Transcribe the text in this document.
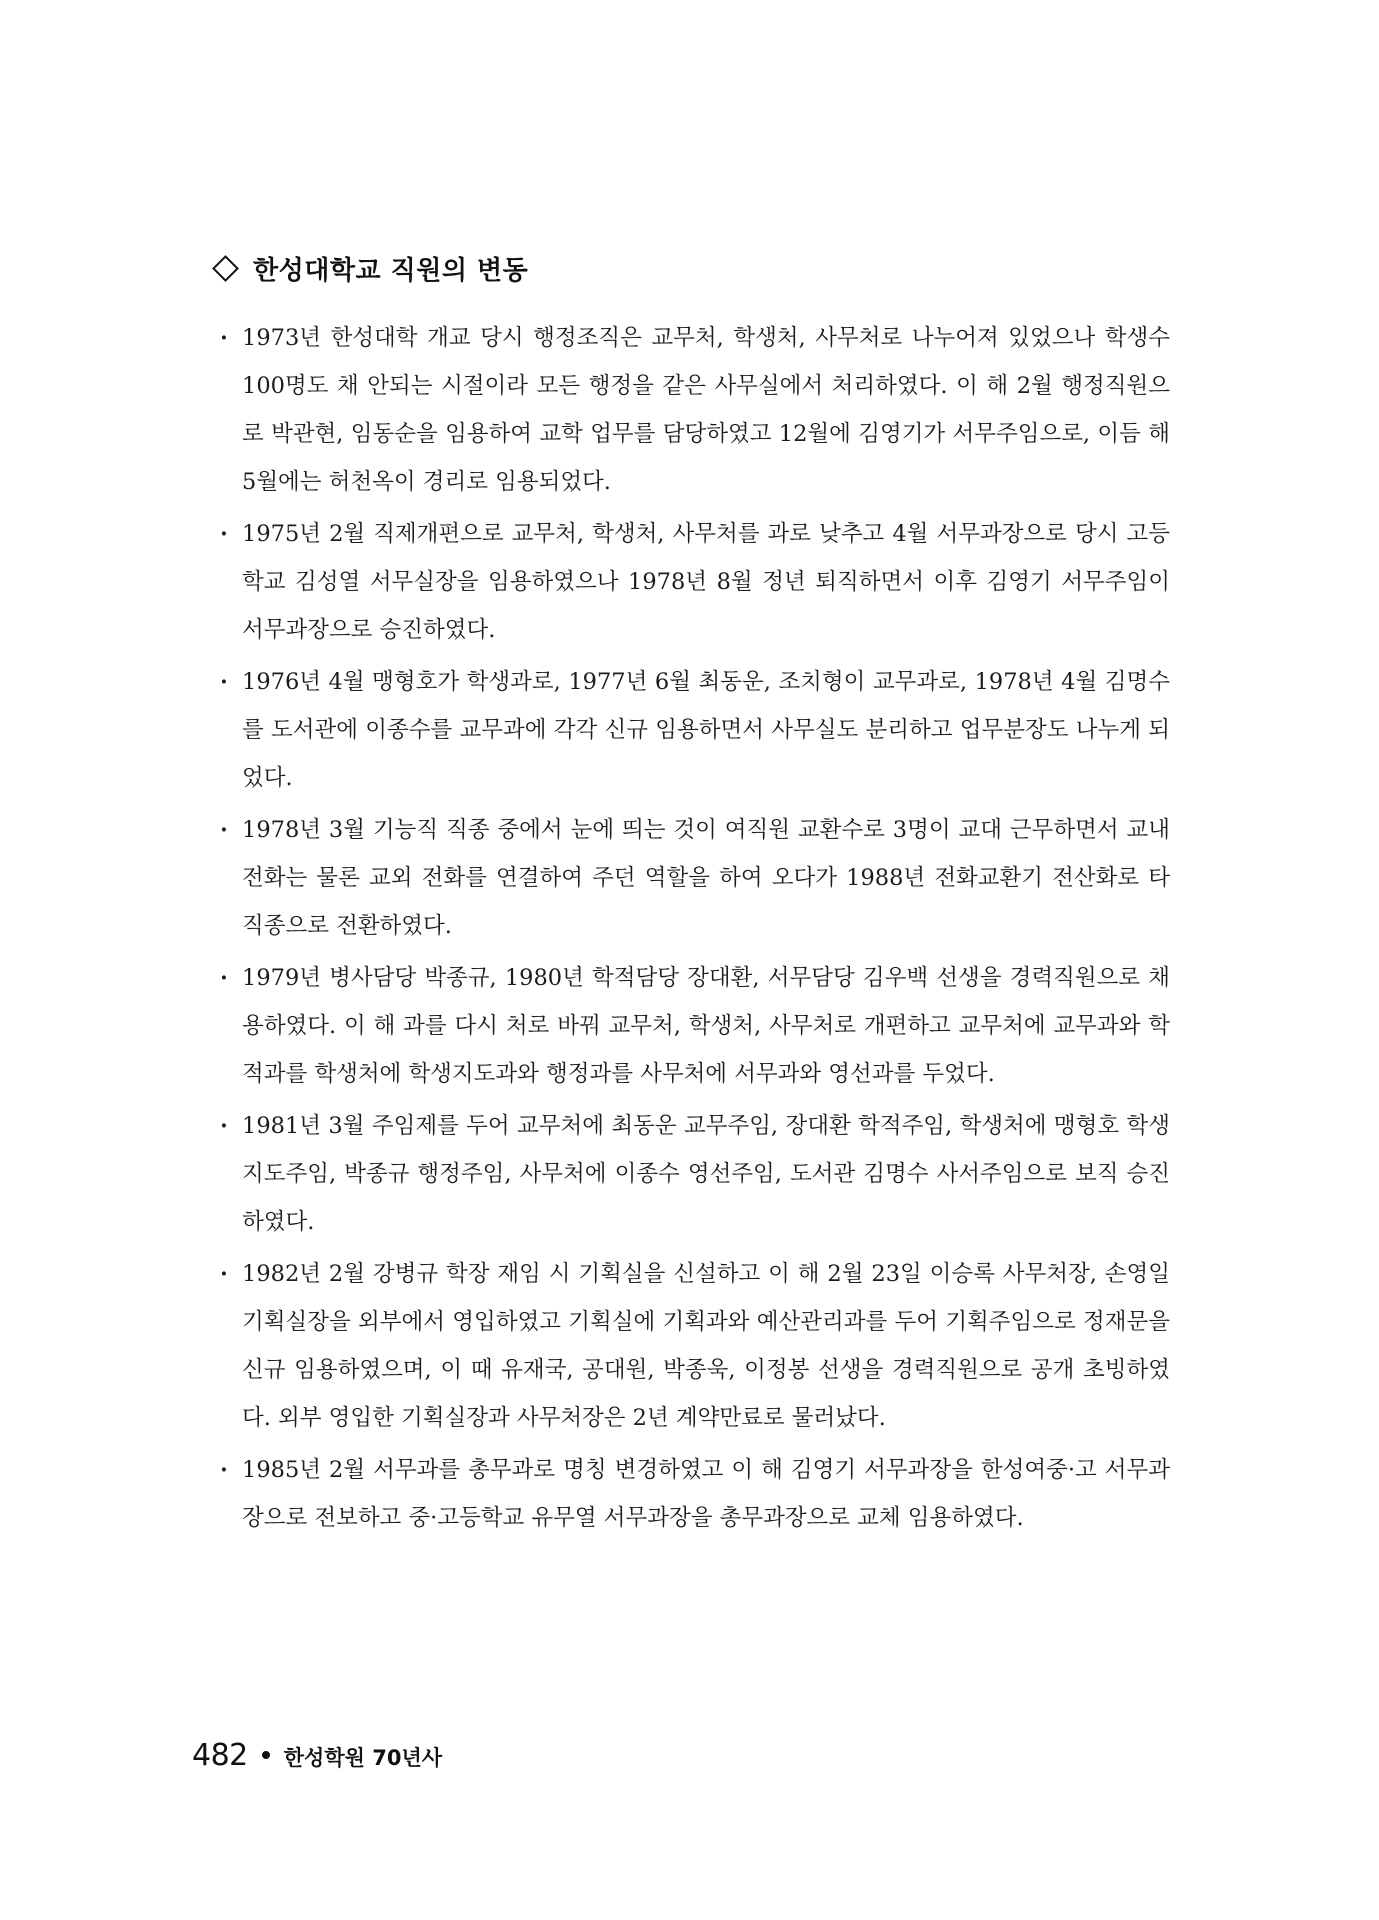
한성대학교 직원의 변동
· 1973년 한성대학 개교 당시 행정조직은 교무처, 학생처, 사무처로 나누어져 있었으나 학생수 100명도 채 안되는 시절이라 모든 행정을 같은 사무실에서 처리하였다. 이 해 2월 행정직원으로 박관현, 임동순을 임용하여 교학 업무를 담당하였고 12월에 김영기가 서무주임으로, 이듬 해 5월에는 허천옥이 경리로 임용되었다.
· 1975년 2월 직제개편으로 교무처, 학생처, 사무처를 과로 낮추고 4월 서무과장으로 당시 고등학교 김성열 서무실장을 임용하였으나 1978년 8월 정년 퇴직하면서 이후 김영기 서무주임이 서무과장으로 승진하였다.
· 1976년 4월 맹형호가 학생과로, 1977년 6월 최동운, 조치형이 교무과로, 1978년 4월 김명수를 도서관에 이종수를 교무과에 각각 신규 임용하면서 사무실도 분리하고 업무분장도 나누게 되었다.
· 1978년 3월 기능직 직종 중에서 눈에 띄는 것이 여직원 교환수로 3명이 교대 근무하면서 교내 전화는 물론 교외 전화를 연결하여 주던 역할을 하여 오다가 1988년 전화교환기 전산화로 타 직종으로 전환하였다.
· 1979년 병사담당 박종규, 1980년 학적담당 장대환, 서무담당 김우백 선생을 경력직원으로 채용하였다. 이 해 과를 다시 처로 바꿔 교무처, 학생처, 사무처로 개편하고 교무처에 교무과와 학적과를 학생처에 학생지도과와 행정과를 사무처에 서무과와 영선과를 두었다.
· 1981년 3월 주임제를 두어 교무처에 최동운 교무주임, 장대환 학적주임, 학생처에 맹형호 학생지도주임, 박종규 행정주임, 사무처에 이종수 영선주임, 도서관 김명수 사서주임으로 보직 승진하였다.
· 1982년 2월 강병규 학장 재임 시 기획실을 신설하고 이 해 2월 23일 이승록 사무처장, 손영일 기획실장을 외부에서 영입하였고 기획실에 기획과와 예산관리과를 두어 기획주임으로 정재문을 신규 임용하였으며, 이 때 유재국, 공대원, 박종욱, 이정봉 선생을 경력직원으로 공개 초빙하였다. 외부 영입한 기획실장과 사무처장은 2년 계약만료로 물러났다.
· 1985년 2월 서무과를 총무과로 명칭 변경하였고 이 해 김영기 서무과장을 한성여중·고 서무과장으로 전보하고 중·고등학교 유무열 서무과장을 총무과장으로 교체 임용하였다.
482 한성학원 70년사
